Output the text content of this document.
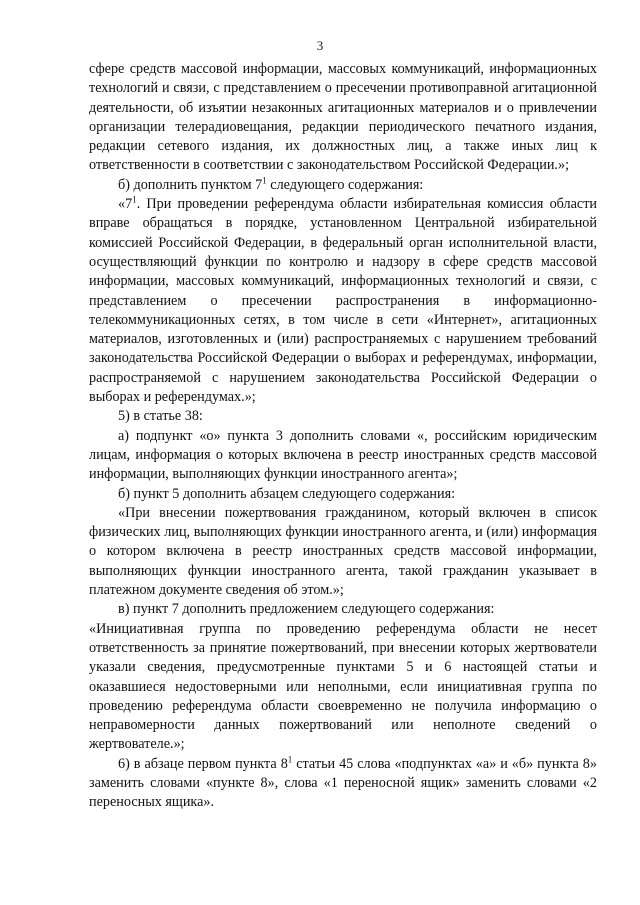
3

сфере средств массовой информации, массовых коммуникаций, информационных технологий и связи, с представлением о пресечении противоправной агитационной деятельности, об изъятии незаконных агитационных материалов и о привлечении организации телерадиовещания, редакции периодического печатного издания, редакции сетевого издания, их должностных лиц, а также иных лиц к ответственности в соответствии с законодательством Российской Федерации.»;

б) дополнить пунктом $7^1$ следующего содержания:

«$7^1$. При проведении референдума области избирательная комиссия области вправе обращаться в порядке, установленном Центральной избирательной комиссией Российской Федерации, в федеральный орган исполнительной власти, осуществляющий функции по контролю и надзору в сфере средств массовой информации, массовых коммуникаций, информационных технологий и связи, с представлением о пресечении распространения в информационно-телекоммуникационных сетях, в том числе в сети «Интернет», агитационных материалов, изготовленных и (или) распространяемых с нарушением требований законодательства Российской Федерации о выборах и референдумах, информации, распространяемой с нарушением законодательства Российской Федерации о выборах и референдумах.»;

5) в статье 38:

а) подпункт «о» пункта 3 дополнить словами «, российским юридическим лицам, информация о которых включена в реестр иностранных средств массовой информации, выполняющих функции иностранного агента»;

б) пункт 5 дополнить абзацем следующего содержания:

«При внесении пожертвования гражданином, который включен в список физических лиц, выполняющих функции иностранного агента, и (или) информация о котором включена в реестр иностранных средств массовой информации, выполняющих функции иностранного агента, такой гражданин указывает в платежном документе сведения об этом.»;

в) пункт 7 дополнить предложением следующего содержания:

«Инициативная группа по проведению референдума области не несет ответственность за принятие пожертвований, при внесении которых жертвователи указали сведения, предусмотренные пунктами 5 и 6 настоящей статьи и оказавшиеся недостоверными или неполными, если инициативная группа по проведению референдума области своевременно не получила информацию о неправомерности данных пожертвований или неполноте сведений о жертвователе.»;

6) в абзаце первом пункта $8^1$ статьи 45 слова «подпунктах «а» и «б» пункта 8» заменить словами «пункте 8», слова «1 переносной ящик» заменить словами «2 переносных ящика».
